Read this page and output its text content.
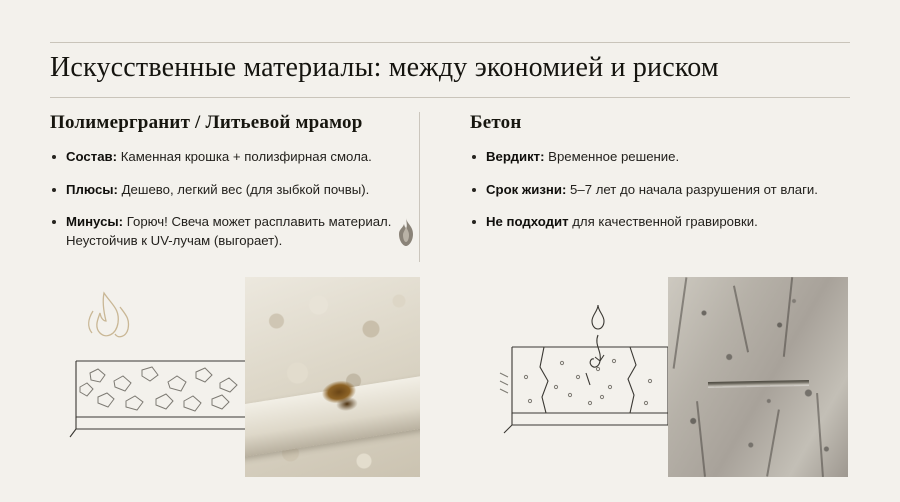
Искусственные материалы: между экономией и риском
Полимергранит / Литьевой мрамор
Состав: Каменная крошка + полизфирная смола.
Плюсы: Дешево, легкий вес (для зыбкой почвы).
Минусы: Горюч! Свеча может расплавить материал. Неустойчив к UV-лучам (выгорает).
Бетон
Вердикт: Временное решение.
Срок жизни: 5–7 лет до начала разрушения от влаги.
Не подходит для качественной гравировки.
